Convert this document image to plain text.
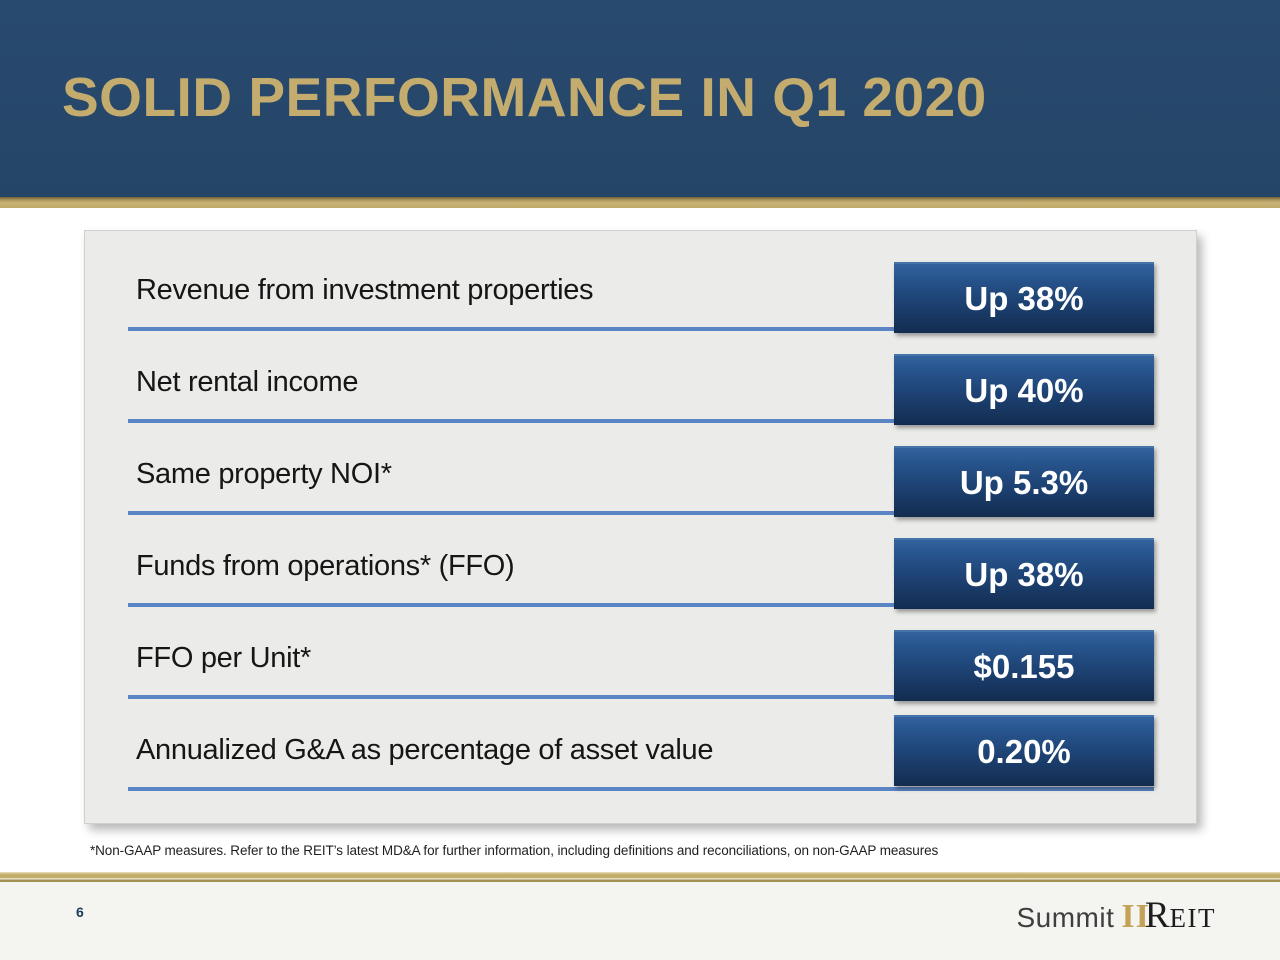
SOLID PERFORMANCE IN Q1 2020
Revenue from investment properties	Up 38%
Net rental income	Up 40%
Same property NOI*	Up 5.3%
Funds from operations* (FFO)	Up 38%
FFO per Unit*	$0.155
Annualized G&A as percentage of asset value	0.20%
*Non-GAAP measures. Refer to the REIT’s latest MD&A for further information, including definitions and reconciliations, on non-GAAP measures
6	Summit II
R EIT
